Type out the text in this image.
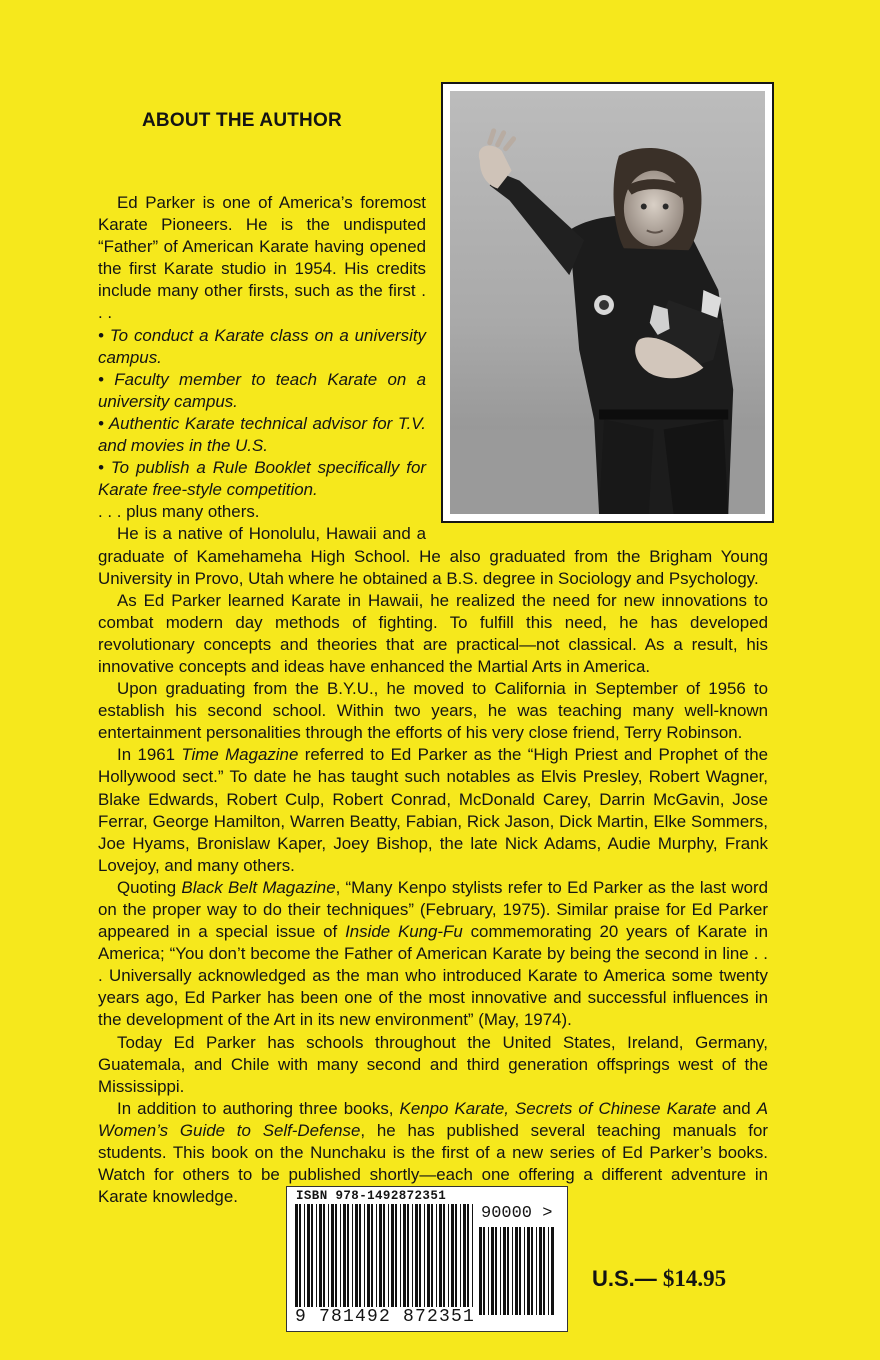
ABOUT THE AUTHOR

Ed Parker is one of America’s foremost Karate Pioneers. He is the undisputed “Father” of American Karate having opened the first Karate studio in 1954. His credits include many other firsts, such as the first . . .

• To conduct a Karate class on a university campus.

• Faculty member to teach Karate on a university campus.

• Authentic Karate technical advisor for T.V. and movies in the U.S.

• To publish a Rule Booklet specifically for Karate free-style competition.

. . . plus many others.

He is a native of Honolulu, Hawaii and a graduate of Kamehameha High School. He also graduated from the Brigham Young University in Provo, Utah where he obtained a B.S. degree in Sociology and Psychology.

As Ed Parker learned Karate in Hawaii, he realized the need for new innovations to combat modern day methods of fighting. To fulfill this need, he has developed revolutionary concepts and theories that are practical—not classical. As a result, his innovative concepts and ideas have enhanced the Martial Arts in America.

Upon graduating from the B.Y.U., he moved to California in September of 1956 to establish his second school. Within two years, he was teaching many well-known entertainment personalities through the efforts of his very close friend, Terry Robinson.

In 1961 Time Magazine referred to Ed Parker as the “High Priest and Prophet of the Hollywood sect.” To date he has taught such notables as Elvis Presley, Robert Wagner, Blake Edwards, Robert Culp, Robert Conrad, McDonald Carey, Darrin McGavin, Jose Ferrar, George Hamilton, Warren Beatty, Fabian, Rick Jason, Dick Martin, Elke Sommers, Joe Hyams, Bronislaw Kaper, Joey Bishop, the late Nick Adams, Audie Murphy, Frank Lovejoy, and many others.

Quoting Black Belt Magazine, “Many Kenpo stylists refer to Ed Parker as the last word on the proper way to do their techniques” (February, 1975). Similar praise for Ed Parker appeared in a special issue of Inside Kung-Fu commemorating 20 years of Karate in America; “You don’t become the Father of American Karate by being the second in line . . . Universally acknowledged as the man who introduced Karate to America some twenty years ago, Ed Parker has been one of the most innovative and successful influences in the development of the Art in its new environment” (May, 1974).

Today Ed Parker has schools throughout the United States, Ireland, Germany, Guatemala, and Chile with many second and third generation offsprings west of the Mississippi.

In addition to authoring three books, Kenpo Karate, Secrets of Chinese Karate and A Women’s Guide to Self-Defense, he has published several teaching manuals for students. This book on the Nunchaku is the first of a new series of Ed Parker’s books. Watch for others to be published shortly—each one offering a different adventure in Karate knowledge.	ISBN 978-1492872351
90000 >
9 781492 872351
U.S.— $14.95
